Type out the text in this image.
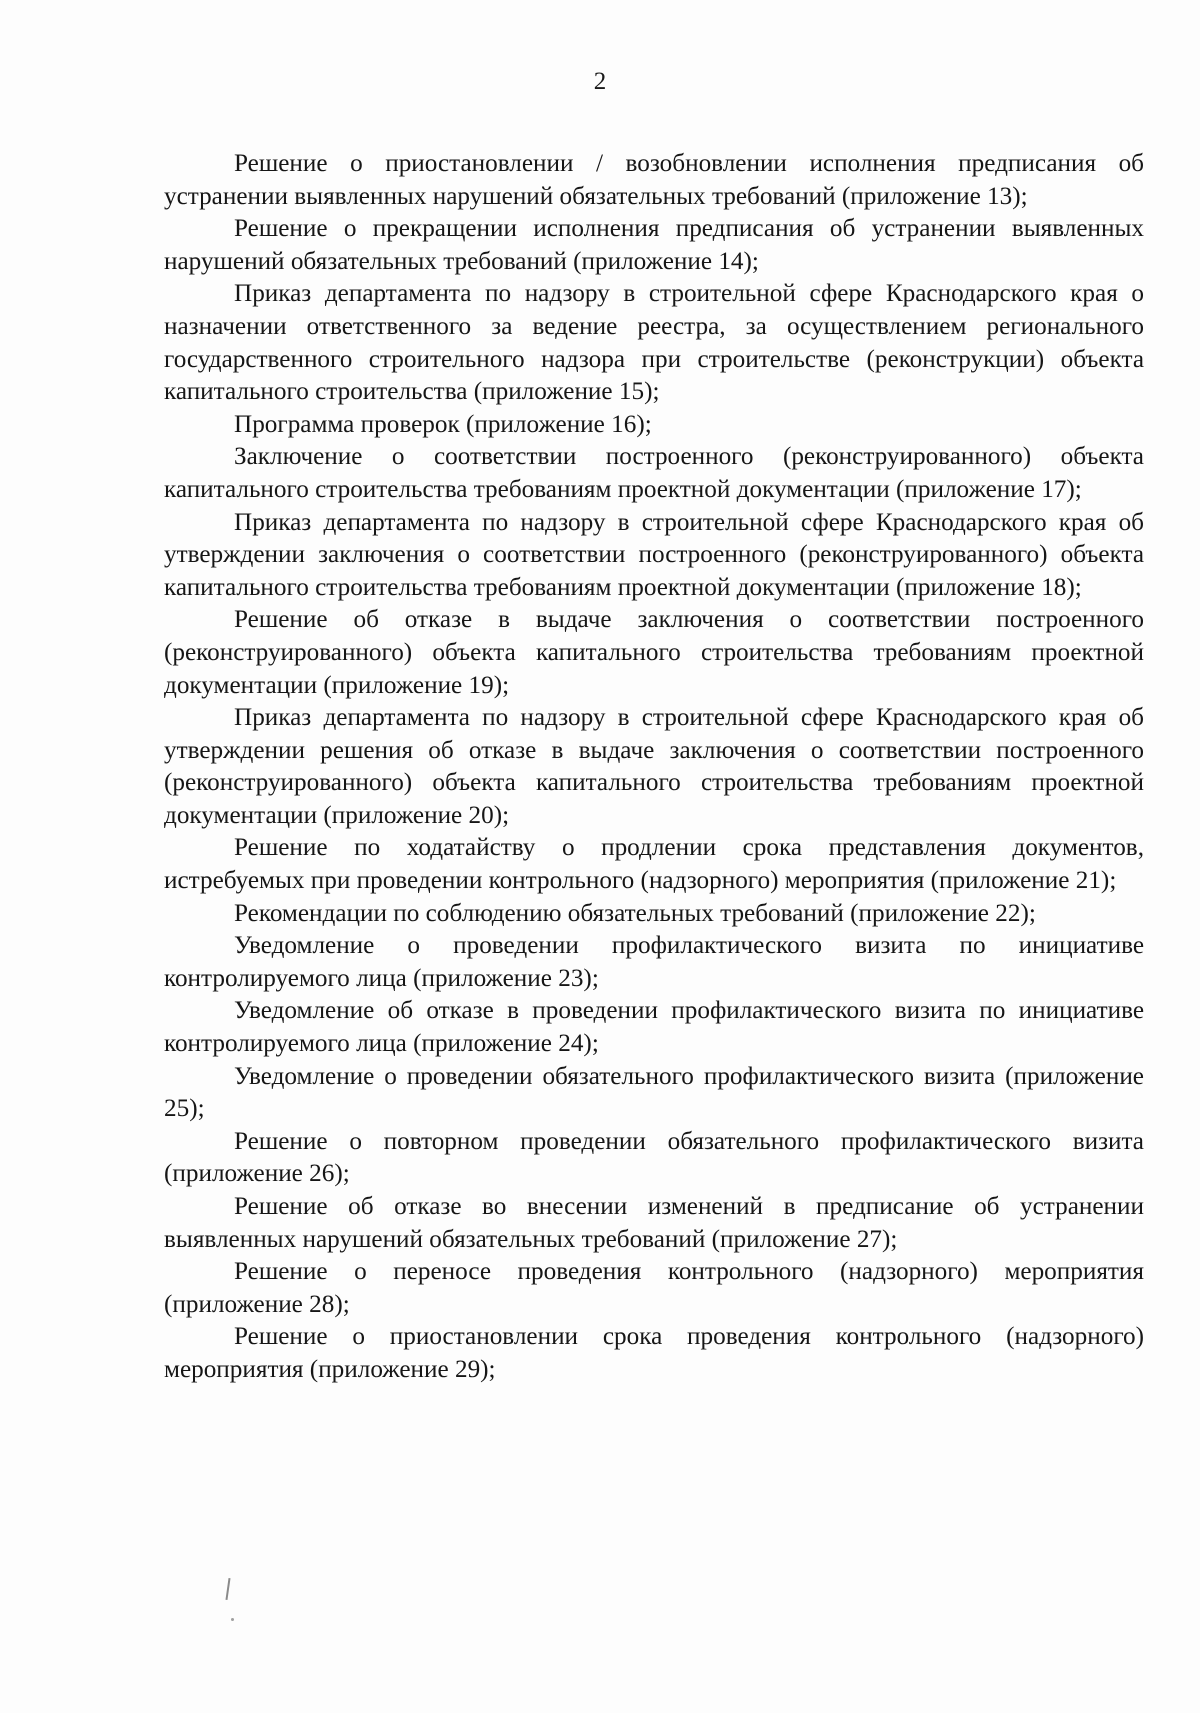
2

Решение о приостановлении / возобновлении исполнения предписания об устранении выявленных нарушений обязательных требований (приложение 13);

Решение о прекращении исполнения предписания об устранении выявленных нарушений обязательных требований (приложение 14);

Приказ департамента по надзору в строительной сфере Краснодарского края о назначении ответственного за ведение реестра, за осуществлением регионального государственного строительного надзора при строительстве (реконструкции) объекта капитального строительства (приложение 15);

Программа проверок (приложение 16);

Заключение о соответствии построенного (реконструированного) объекта капитального строительства требованиям проектной документации (приложение 17);

Приказ департамента по надзору в строительной сфере Краснодарского края об утверждении заключения о соответствии построенного (реконструированного) объекта капитального строительства требованиям проектной документации (приложение 18);

Решение об отказе в выдаче заключения о соответствии построенного (реконструированного) объекта капитального строительства требованиям проектной документации (приложение 19);

Приказ департамента по надзору в строительной сфере Краснодарского края об утверждении решения об отказе в выдаче заключения о соответствии построенного (реконструированного) объекта капитального строительства требованиям проектной документации (приложение 20);

Решение по ходатайству о продлении срока представления документов, истребуемых при проведении контрольного (надзорного) мероприятия (приложение 21);

Рекомендации по соблюдению обязательных требований (приложение 22);

Уведомление о проведении профилактического визита по инициативе контролируемого лица (приложение 23);

Уведомление об отказе в проведении профилактического визита по инициативе контролируемого лица (приложение 24);

Уведомление о проведении обязательного профилактического визита (приложение 25);

Решение о повторном проведении обязательного профилактического визита (приложение 26);

Решение об отказе во внесении изменений в предписание об устранении выявленных нарушений обязательных требований (приложение 27);

Решение о переносе проведения контрольного (надзорного) мероприятия (приложение 28);

Решение о приостановлении срока проведения контрольного (надзорного) мероприятия (приложение 29);
